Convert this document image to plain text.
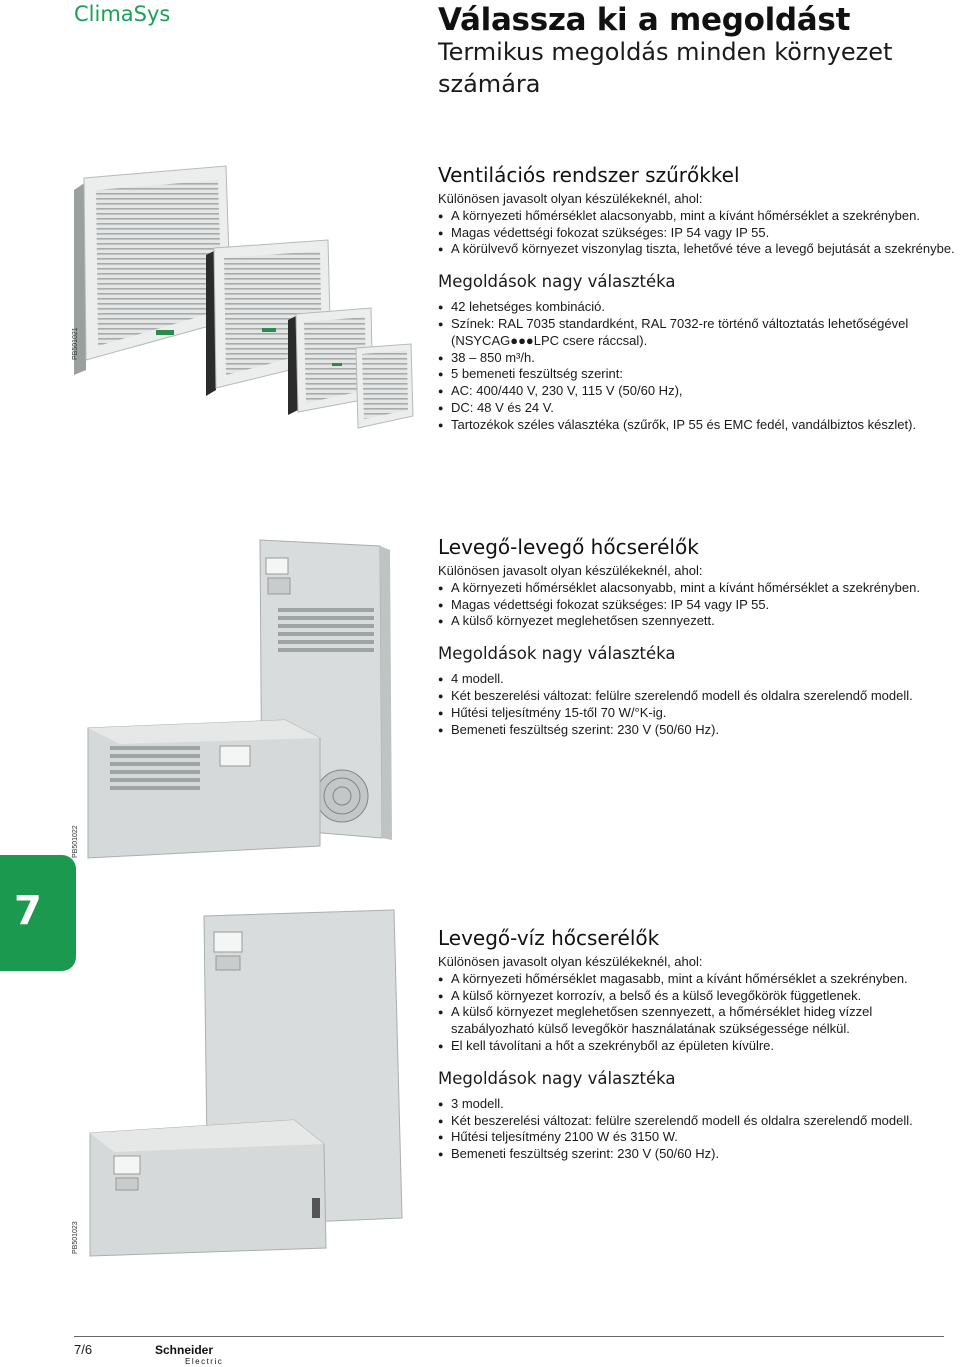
ClimaSys	Válassza ki a megoldást
Termikus megoldás minden környezet számára
PB501021
Ventilációs rendszer szűrőkkel
Különösen javasolt olyan készülékeknél, ahol:
● A környezeti hőmérséklet alacsonyabb, mint a kívánt hőmérséklet a szekrényben.
● Magas védettségi fokozat szükséges: IP 54 vagy IP 55.
● A körülvevő környezet viszonylag tiszta, lehetővé téve a levegő bejutását a szekrénybe.
Megoldások nagy választéka
● 42 lehetséges kombináció.
● Színek: RAL 7035 standardként, RAL 7032-re történő változtatás lehetőségével (NSYCAG●●●LPC csere ráccsal).
● 38 – 850 m³/h.
● 5 bemeneti feszültség szerint:
● AC: 400/440 V, 230 V, 115 V (50/60 Hz),
● DC: 48 V és 24 V.
● Tartozékok széles választéka (szűrők, IP 55 és EMC fedél, vandálbiztos készlet).
PB501022
Levegő-levegő hőcserélők
Különösen javasolt olyan készülékeknél, ahol:
● A környezeti hőmérséklet alacsonyabb, mint a kívánt hőmérséklet a szekrényben.
● Magas védettségi fokozat szükséges: IP 54 vagy IP 55.
● A külső környezet meglehetősen szennyezett.
Megoldások nagy választéka
● 4 modell.
● Két beszerelési változat: felülre szerelendő modell és oldalra szerelendő modell.
● Hűtési teljesítmény 15-től 70 W/°K-ig.
● Bemeneti feszültség szerint: 230 V (50/60 Hz).
7
PB501023
Levegő-víz hőcserélők
Különösen javasolt olyan készülékeknél, ahol:
● A környezeti hőmérséklet magasabb, mint a kívánt hőmérséklet a szekrényben.
● A külső környezet korrozív, a belső és a külső levegőkörök függetlenek.
● A külső környezet meglehetősen szennyezett, a hőmérséklet hideg vízzel szabályozható külső levegőkör használatának szükségessége nélkül.
● El kell távolítani a hőt a szekrényből az épületen kívülre.
Megoldások nagy választéka
● 3 modell.
● Két beszerelési változat: felülre szerelendő modell és oldalra szerelendő modell.
● Hűtési teljesítmény 2100 W és 3150 W.
● Bemeneti feszültség szerint: 230 V (50/60 Hz).
7/6	Schneider
Electric
